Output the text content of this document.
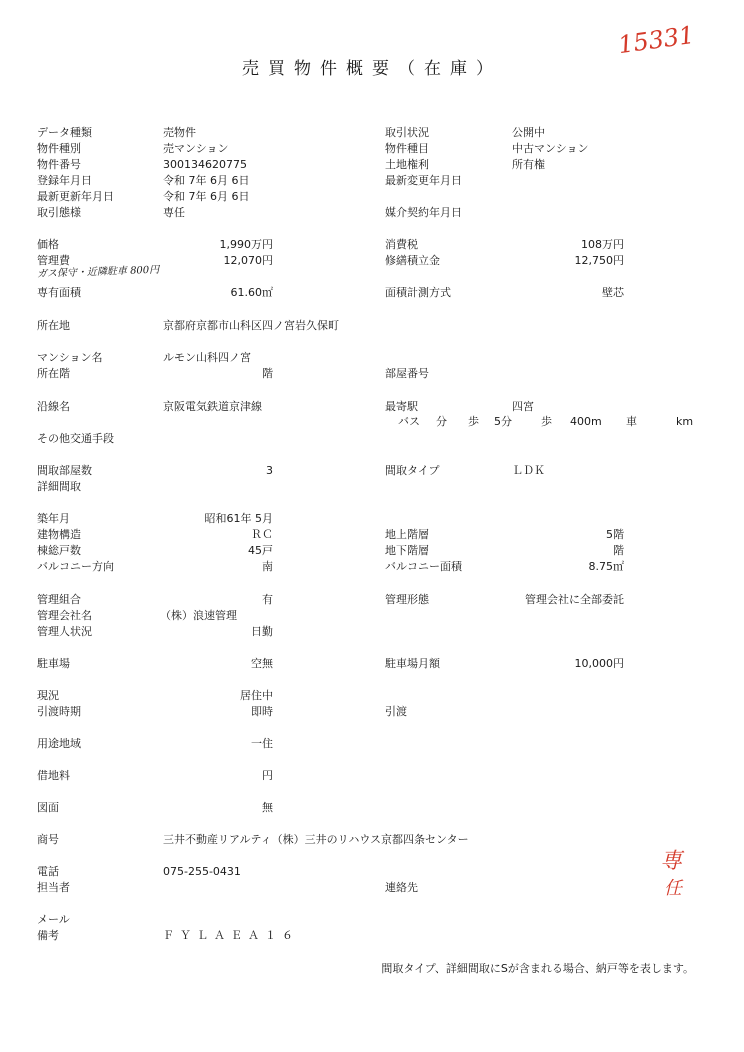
15331
専
任
ガス保守・近隣駐車 800円
売買物件概要（在庫）
データ種類	売物件	取引状況	公開中
物件種別	売マンション	物件種目	中古マンション
物件番号	300134620775	土地権利	所有権
登録年月日	令和 7年 6月 6日	最新変更年月日
最新更新年月日	令和 7年 6月 6日
取引態様	専任	媒介契約年月日
価格	1,990万円	消費税	108万円
管理費	12,070円	修繕積立金	12,750円
専有面積	61.60㎡	面積計測方式	壁芯
所在地	京都府京都市山科区四ノ宮岩久保町
マンション名	ルモン山科四ノ宮
所在階	階	部屋番号
沿線名	京阪電気鉄道京津線	最寄駅	四宮
バス 分 歩 5分	歩 400m 車	km
その他交通手段
間取部屋数	3	間取タイプ	ＬＤＫ
詳細間取
築年月	昭和61年 5月
建物構造	ＲＣ	地上階層	5階
棟総戸数	45戸	地下階層	階
バルコニー方向	南	バルコニー面積	8.75㎡
管理組合	有	管理形態	管理会社に全部委託
管理会社名	（株）浪速管理
管理人状況	日勤
駐車場	空無	駐車場月額	10,000円
現況	居住中
引渡時期	即時	引渡
用途地域	一住
借地料	円
図面	無
商号	三井不動産リアルティ（株）三井のリハウス京都四条センター
電話	075-255-0431
担当者	連絡先
メール
備考	ＦＹＬＡＥＡ１６
間取タイプ、詳細間取にSが含まれる場合、納戸等を表します。
